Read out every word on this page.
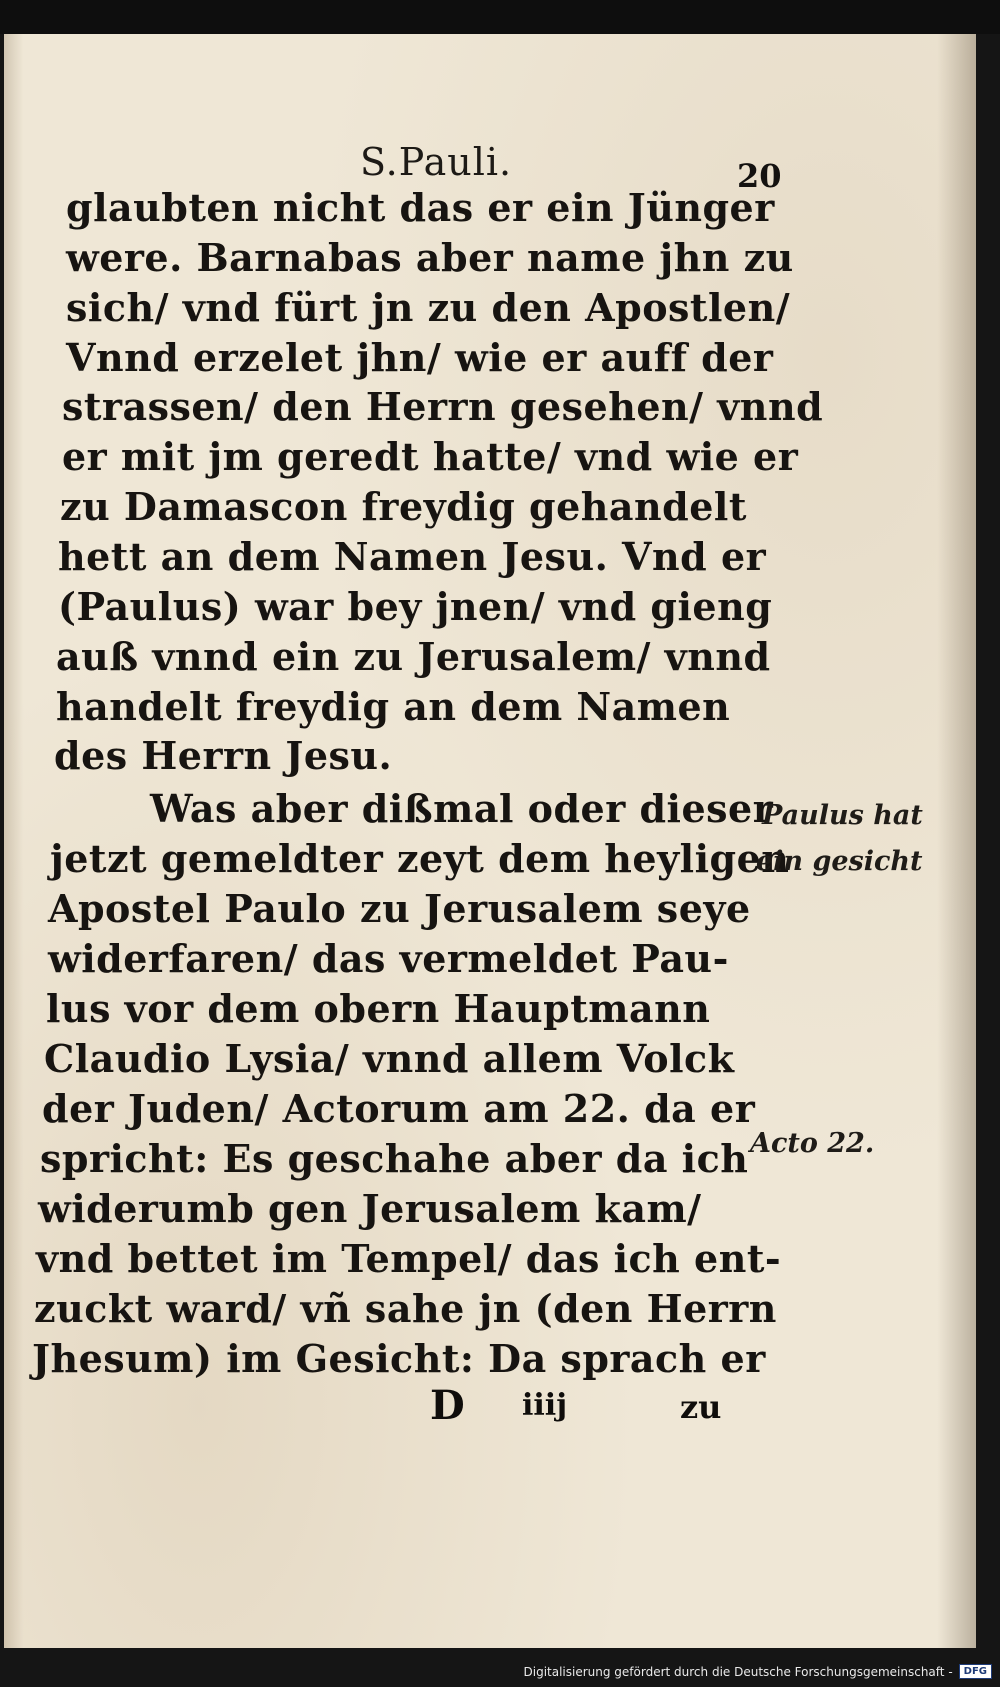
S.Pauli.	20

glaubten nicht das er ein Jünger

were. Barnabas aber name jhn zu

sich/ vnd fürt jn zu den Apostlen/

Vnnd erzelet jhn/ wie er auff der

strassen/ den Herrn gesehen/ vnnd

er mit jm geredt hatte/ vnd wie er

zu Damascon freydig gehandelt

hett an dem Namen Jesu. Vnd er

(Paulus) war bey jnen/ vnd gieng

auß vnnd ein zu Jerusalem/ vnnd

handelt freydig an dem Namen

des Herrn Jesu.

Was aber dißmal oder dieser

jetzt gemeldter zeyt dem heyligen

Apostel Paulo zu Jerusalem seye

widerfaren/ das vermeldet Pau-

lus vor dem obern Hauptmann

Claudio Lysia/ vnnd allem Volck

der Juden/ Actorum am 22. da er

spricht: Es geschahe aber da ich

widerumb gen Jerusalem kam/

vnd bettet im Tempel/ das ich ent-

zuckt ward/ vñ sahe jn (den Herrn

Jhesum) im Gesicht: Da sprach er

Paulus hat

ein gesicht

Acto 22.

D iiij	zu

Digitalisierung gefördert durch die Deutsche Forschungsgemeinschaft -	DFG
